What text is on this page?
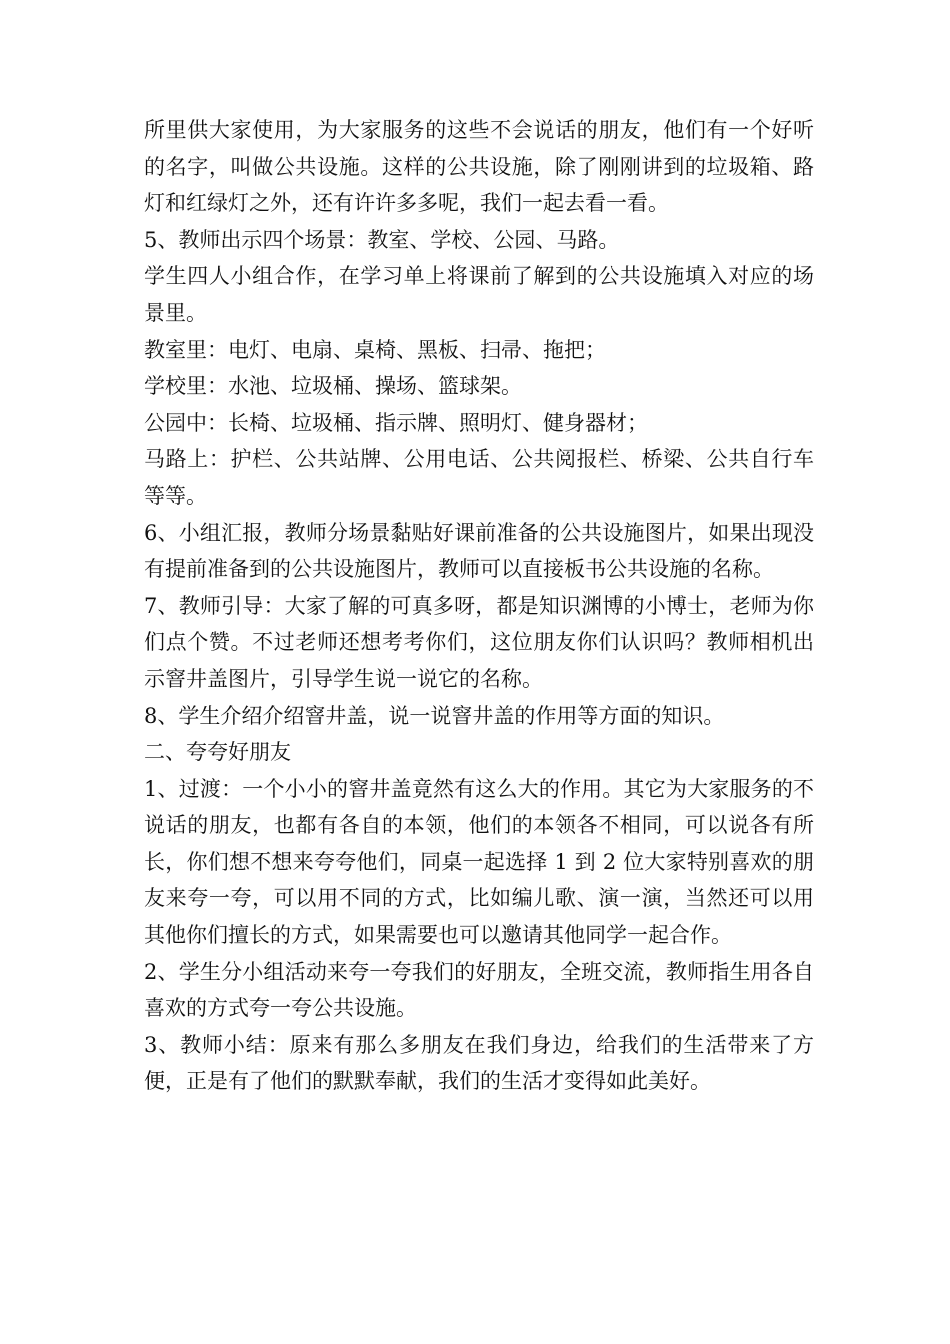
所里供大家使用，为大家服务的这些不会说话的朋友，他们有一个好听的名字，叫做公共设施。这样的公共设施，除了刚刚讲到的垃圾箱、路灯和红绿灯之外，还有许许多多呢，我们一起去看一看。

5、教师出示四个场景：教室、学校、公园、马路。

学生四人小组合作，在学习单上将课前了解到的公共设施填入对应的场景里。

教室里：电灯、电扇、桌椅、黑板、扫帚、拖把；

学校里：水池、垃圾桶、操场、篮球架。

公园中：长椅、垃圾桶、指示牌、照明灯、健身器材；

马路上：护栏、公共站牌、公用电话、公共阅报栏、桥梁、公共自行车等等。

6、小组汇报，教师分场景黏贴好课前准备的公共设施图片，如果出现没有提前准备到的公共设施图片，教师可以直接板书公共设施的名称。

7、教师引导：大家了解的可真多呀，都是知识渊博的小博士，老师为你们点个赞。不过老师还想考考你们，这位朋友你们认识吗？教师相机出示窨井盖图片，引导学生说一说它的名称。

8、学生介绍介绍窨井盖，说一说窨井盖的作用等方面的知识。

二、夸夸好朋友

1、过渡：一个小小的窨井盖竟然有这么大的作用。其它为大家服务的不说话的朋友，也都有各自的本领，他们的本领各不相同，可以说各有所长，你们想不想来夸夸他们，同桌一起选择 1 到 2 位大家特别喜欢的朋友来夸一夸，可以用不同的方式，比如编儿歌、演一演，当然还可以用其他你们擅长的方式，如果需要也可以邀请其他同学一起合作。

2、学生分小组活动来夸一夸我们的好朋友，全班交流，教师指生用各自喜欢的方式夸一夸公共设施。

3、教师小结：原来有那么多朋友在我们身边，给我们的生活带来了方便，正是有了他们的默默奉献，我们的生活才变得如此美好。
